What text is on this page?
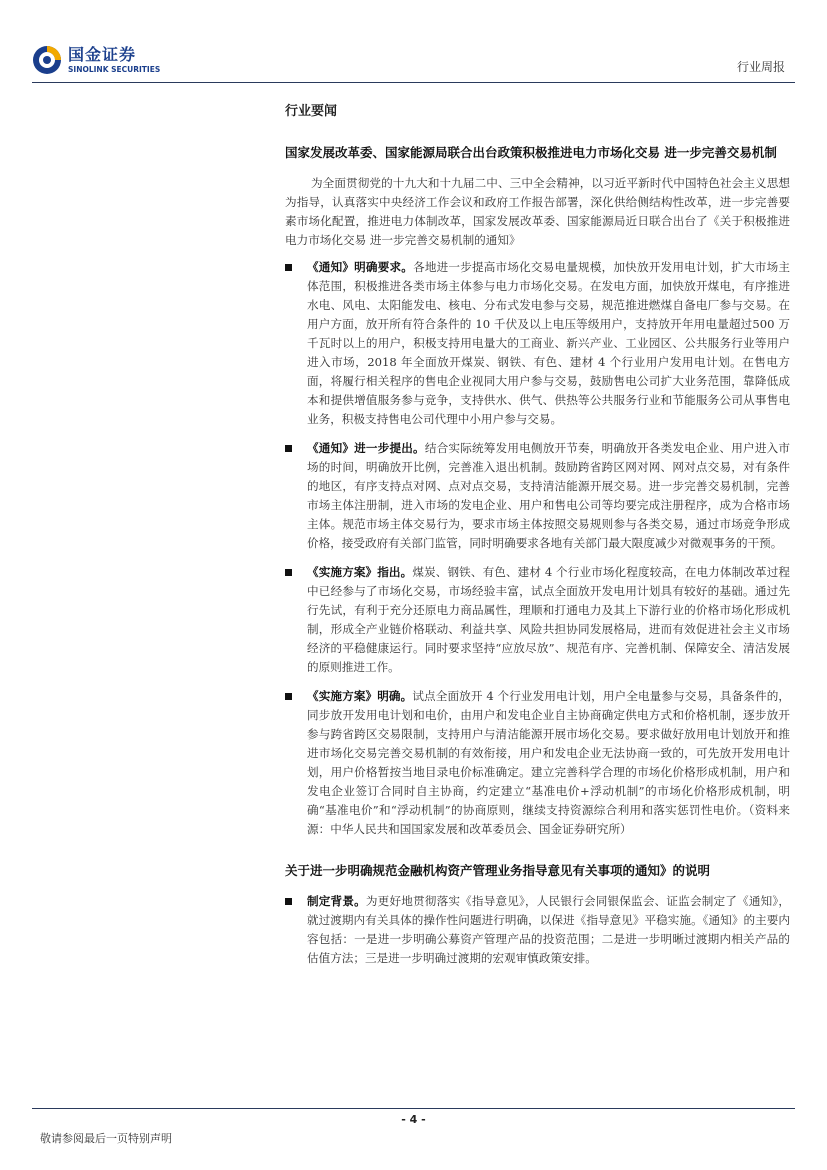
国金证券
SINOLINK SECURITIES	行业周报
行业要闻
国家发展改革委、国家能源局联合出台政策积极推进电力市场化交易 进一步完善交易机制

为全面贯彻党的十九大和十九届二中、三中全会精神，以习近平新时代中国特色社会主义思想为指导，认真落实中央经济工作会议和政府工作报告部署，深化供给侧结构性改革，进一步完善要素市场化配置，推进电力体制改革，国家发展改革委、国家能源局近日联合出台了《关于积极推进电力市场化交易 进一步完善交易机制的通知》

《通知》明确要求。各地进一步提高市场化交易电量规模，加快放开发用电计划，扩大市场主体范围，积极推进各类市场主体参与电力市场化交易。在发电方面，加快放开煤电，有序推进水电、风电、太阳能发电、核电、分布式发电参与交易，规范推进燃煤自备电厂参与交易。在用户方面，放开所有符合条件的 10 千伏及以上电压等级用户，支持放开年用电量超过500 万千瓦时以上的用户，积极支持用电量大的工商业、新兴产业、工业园区、公共服务行业等用户进入市场，2018 年全面放开煤炭、钢铁、有色、建材 4 个行业用户发用电计划。在售电方面，将履行相关程序的售电企业视同大用户参与交易，鼓励售电公司扩大业务范围，靠降低成本和提供增值服务参与竞争，支持供水、供气、供热等公共服务行业和节能服务公司从事售电业务，积极支持售电公司代理中小用户参与交易。
《通知》进一步提出。结合实际统筹发用电侧放开节奏，明确放开各类发电企业、用户进入市场的时间，明确放开比例，完善准入退出机制。鼓励跨省跨区网对网、网对点交易，对有条件的地区，有序支持点对网、点对点交易，支持清洁能源开展交易。进一步完善交易机制，完善市场主体注册制，进入市场的发电企业、用户和售电公司等均要完成注册程序，成为合格市场主体。规范市场主体交易行为，要求市场主体按照交易规则参与各类交易，通过市场竞争形成价格，接受政府有关部门监管，同时明确要求各地有关部门最大限度减少对微观事务的干预。
《实施方案》指出。煤炭、钢铁、有色、建材 4 个行业市场化程度较高，在电力体制改革过程中已经参与了市场化交易，市场经验丰富，试点全面放开发电用计划具有较好的基础。通过先行先试，有利于充分还原电力商品属性，理顺和打通电力及其上下游行业的价格市场化形成机制，形成全产业链价格联动、利益共享、风险共担协同发展格局，进而有效促进社会主义市场经济的平稳健康运行。同时要求坚持“应放尽放”、规范有序、完善机制、保障安全、清洁发展的原则推进工作。
《实施方案》明确。试点全面放开 4 个行业发用电计划，用户全电量参与交易，具备条件的，同步放开发用电计划和电价，由用户和发电企业自主协商确定供电方式和价格机制，逐步放开参与跨省跨区交易限制，支持用户与清洁能源开展市场化交易。要求做好放用电计划放开和推进市场化交易完善交易机制的有效衔接，用户和发电企业无法协商一致的，可先放开发用电计划，用户价格暂按当地目录电价标准确定。建立完善科学合理的市场化价格形成机制，用户和发电企业签订合同时自主协商，约定建立“基准电价+浮动机制”的市场化价格形成机制，明确“基准电价”和“浮动机制”的协商原则，继续支持资源综合利用和落实惩罚性电价。（资料来源：中华人民共和国国家发展和改革委员会、国金证券研究所）
关于进一步明确规范金融机构资产管理业务指导意见有关事项的通知》的说明
制定背景。为更好地贯彻落实《指导意见》，人民银行会同银保监会、证监会制定了《通知》，就过渡期内有关具体的操作性问题进行明确，以保进《指导意见》平稳实施。《通知》的主要内容包括：一是进一步明确公募资产管理产品的投资范围；二是进一步明晰过渡期内相关产品的估值方法；三是进一步明确过渡期的宏观审慎政策安排。
- 4 -
敬请参阅最后一页特别声明
